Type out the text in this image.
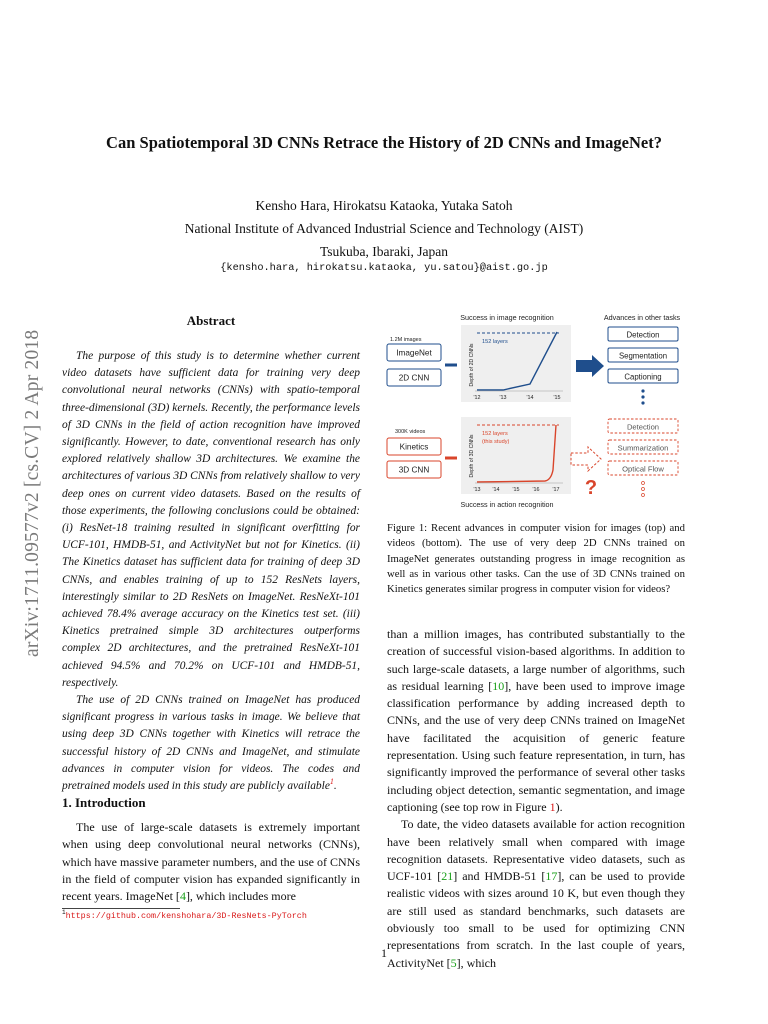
Can Spatiotemporal 3D CNNs Retrace the History of 2D CNNs and ImageNet?
Kensho Hara, Hirokatsu Kataoka, Yutaka Satoh
National Institute of Advanced Industrial Science and Technology (AIST)
Tsukuba, Ibaraki, Japan
{kensho.hara, hirokatsu.kataoka, yu.satou}@aist.go.jp
arXiv:1711.09577v2 [cs.CV] 2 Apr 2018
Abstract

The purpose of this study is to determine whether current video datasets have sufficient data for training very deep convolutional neural networks (CNNs) with spatio-temporal three-dimensional (3D) kernels. Recently, the performance levels of 3D CNNs in the field of action recognition have improved significantly. However, to date, conventional research has only explored relatively shallow 3D architectures. We examine the architectures of various 3D CNNs from relatively shallow to very deep ones on current video datasets. Based on the results of those experiments, the following conclusions could be obtained: (i) ResNet-18 training resulted in significant overfitting for UCF-101, HMDB-51, and ActivityNet but not for Kinetics. (ii) The Kinetics dataset has sufficient data for training of deep 3D CNNs, and enables training of up to 152 ResNets layers, interestingly similar to 2D ResNets on ImageNet. ResNeXt-101 achieved 78.4% average accuracy on the Kinetics test set. (iii) Kinetics pretrained simple 3D architectures outperforms complex 2D architectures, and the pretrained ResNeXt-101 achieved 94.5% and 70.2% on UCF-101 and HMDB-51, respectively.

The use of 2D CNNs trained on ImageNet has produced significant progress in various tasks in image. We believe that using deep 3D CNNs together with Kinetics will retrace the successful history of 2D CNNs and ImageNet, and stimulate advances in computer vision for videos. The codes and pretrained models used in this study are publicly available$^1$.

1. Introduction

The use of large-scale datasets is extremely important when using deep convolutional neural networks (CNNs), which have massive parameter numbers, and the use of CNNs in the field of computer vision has expanded significantly in recent years. ImageNet [4], which includes more

$^1$https://github.com/kenshohara/3D-ResNets-PyTorch
Success in image recognition	Advances in other tasks
1.2M images
ImageNet
2D CNN	Depth of 2D CNNs
152 layers
'12	'13	'14	'15
Detection
Segmentation
Captioning
300K videos
Kinetics
3D CNN	Depth of 3D CNNs
152 layers
(this study)
'13 '14 '15 '16 '17
Success in action recognition
?
Detection
Summarization
Optical Flow
Figure 1: Recent advances in computer vision for images (top) and videos (bottom). The use of very deep 2D CNNs trained on ImageNet generates outstanding progress in image recognition as well as in various other tasks. Can the use of 3D CNNs trained on Kinetics generates similar progress in computer vision for videos?

than a million images, has contributed substantially to the creation of successful vision-based algorithms. In addition to such large-scale datasets, a large number of algorithms, such as residual learning [10], have been used to improve image classification performance by adding increased depth to CNNs, and the use of very deep CNNs trained on ImageNet have facilitated the acquisition of generic feature representation. Using such feature representation, in turn, has significantly improved the performance of several other tasks including object detection, semantic segmentation, and image captioning (see top row in Figure 1).

To date, the video datasets available for action recognition have been relatively small when compared with image recognition datasets. Representative video datasets, such as UCF-101 [21] and HMDB-51 [17], can be used to provide realistic videos with sizes around 10 K, but even though they are still used as standard benchmarks, such datasets are obviously too small to be used for optimizing CNN representations from scratch. In the last couple of years, ActivityNet [5], which

1
